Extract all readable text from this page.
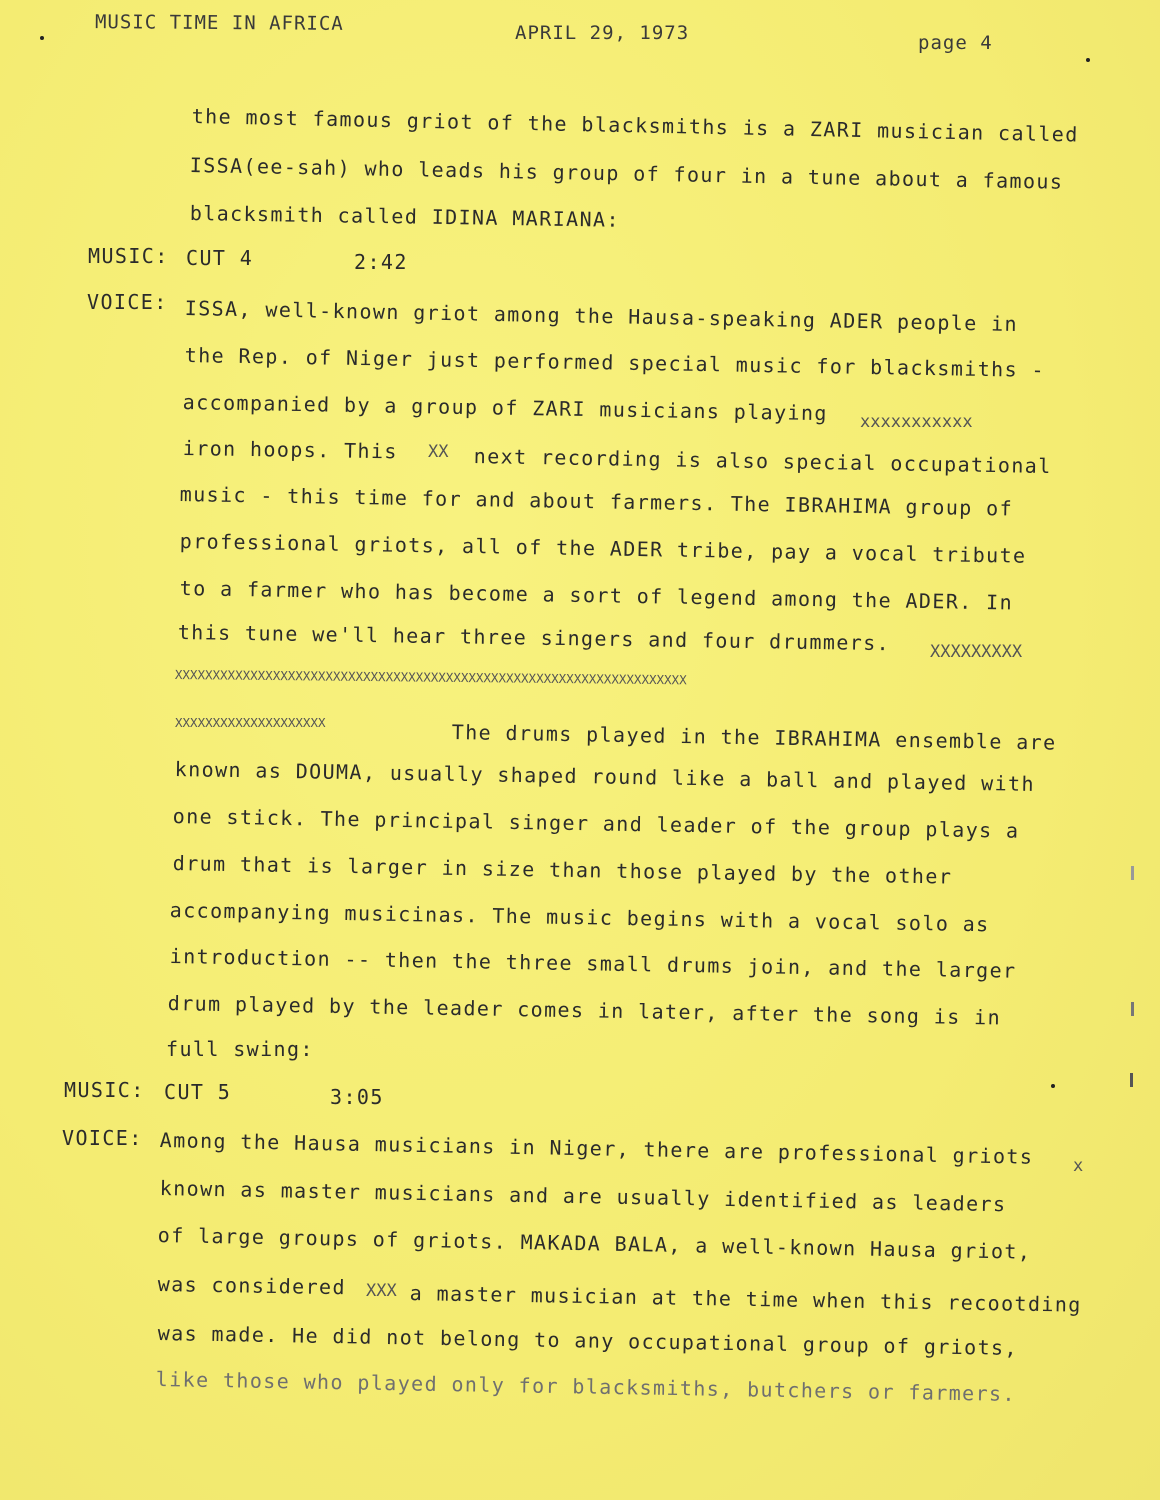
MUSIC TIME IN AFRICA	APRIL 29, 1973	page 4
the most famous griot of the blacksmiths is a ZARI musician called
ISSA(ee-sah) who leads his group of four in a tune about a famous
blacksmith called IDINA MARIANA:
MUSIC: CUT 4	2:42
VOICE: ISSA, well-known griot among the Hausa-speaking ADER people in
the Rep. of Niger just performed special music for blacksmiths -
accompanied by a group of ZARI musicians playing xxxxxxxxxxx
iron hoops. This XX next recording is also special occupational
music - this time for and about farmers. The IBRAHIMA group of
professional griots, all of the ADER tribe, pay a vocal tribute
to a farmer who has become a sort of legend among the ADER. In
this tune we'll hear three singers and four drummers. XXXXXXXXX
XXXXXXXXXXXXXXXXXXXXXXXXXXXXXXXXXXXXXXXXXXXXXXXXXXXXXXXXXXXXXXXXXXXX
XXXXXXXXXXXXXXXXXXXX	The drums played in the IBRAHIMA ensemble are
known as DOUMA, usually shaped round like a ball and played with
one stick. The principal singer and leader of the group plays a
drum that is larger in size than those played by the other
accompanying musicinas. The music begins with a vocal solo as
introduction -- then the three small drums join, and the larger
drum played by the leader comes in later, after the song is in
full swing:
MUSIC: CUT 5	3:05
VOICE: Among the Hausa musicians in Niger, there are professional griots x
known as master musicians and are usually identified as leaders
of large groups of griots. MAKADA BALA, a well-known Hausa griot,
was considered XXX a master musician at the time when this recootding
was made. He did not belong to any occupational group of griots,
like those who played only for blacksmiths, butchers or farmers.
